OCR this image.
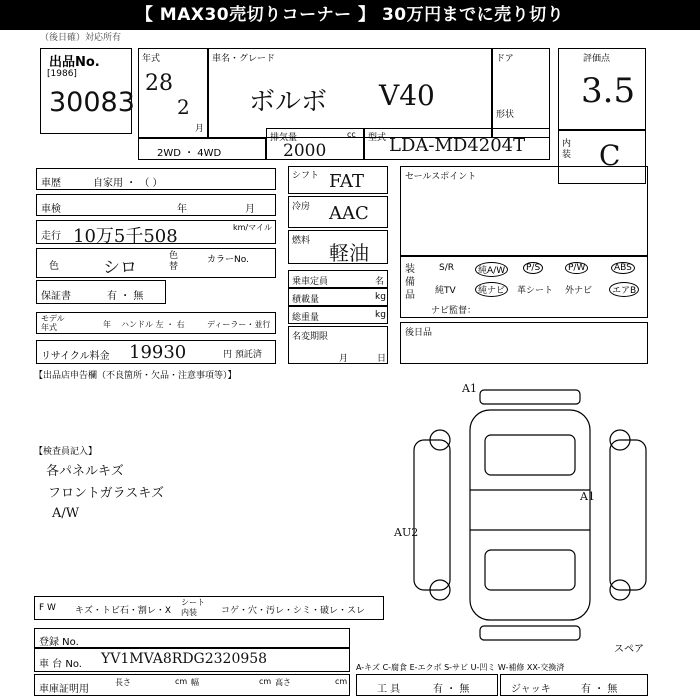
【 MAX30売切りコーナー 】 30万円までに売り切り
（後日確）対応所有
出品No.
[1986]
30083
年式
28
2
月
車名・グレード
ボルボ V40
ドア
形状
評価点
3.5
内装 C
2WD ・ 4WD
排気量	cc
2000
型式 LDA-MD4204T
車歴	自家用 ・ （ ）
車検	年	月
走行 10万5千508	km/マイル
色	シロ
色替
カラーNo.
保証書	有 ・ 無
モデル年式	年 ハンドル 左 ・ 右	ディーラー・並行
リサイクル料金 19930	円 預託済
シフト FAT
冷房 AAC
燃料 軽油
乗車定員	名
積載量	kg
総重量	kg
名変期限
月	日
セールスポイント
装備品
S/R	純A/W	P/S	P/W	ABS
純TV	純ナビ	革シート 外ナビ	エアB
ナビ監督：
後日品
【出品店申告欄（不良箇所・欠品・注意事項等）】
【検査員記入】
各パネルキズ
フロントガラスキズ
A/W
A1
A1
AU2
スペア
F W キズ・トビ石・割レ・X
シート内装	コゲ・穴・汚レ・シミ・破レ・スレ
登録 No.
車 台 No. YV1MVA8RDG2320958
車庫証明用
長さ	cm 幅	cm 高さ	cm
A-キズ C-腐食 E-エクボ S-サビ U-凹ミ W-補修 XX-交換済
工 具	有 ・ 無	ジャッキ	有 ・ 無
